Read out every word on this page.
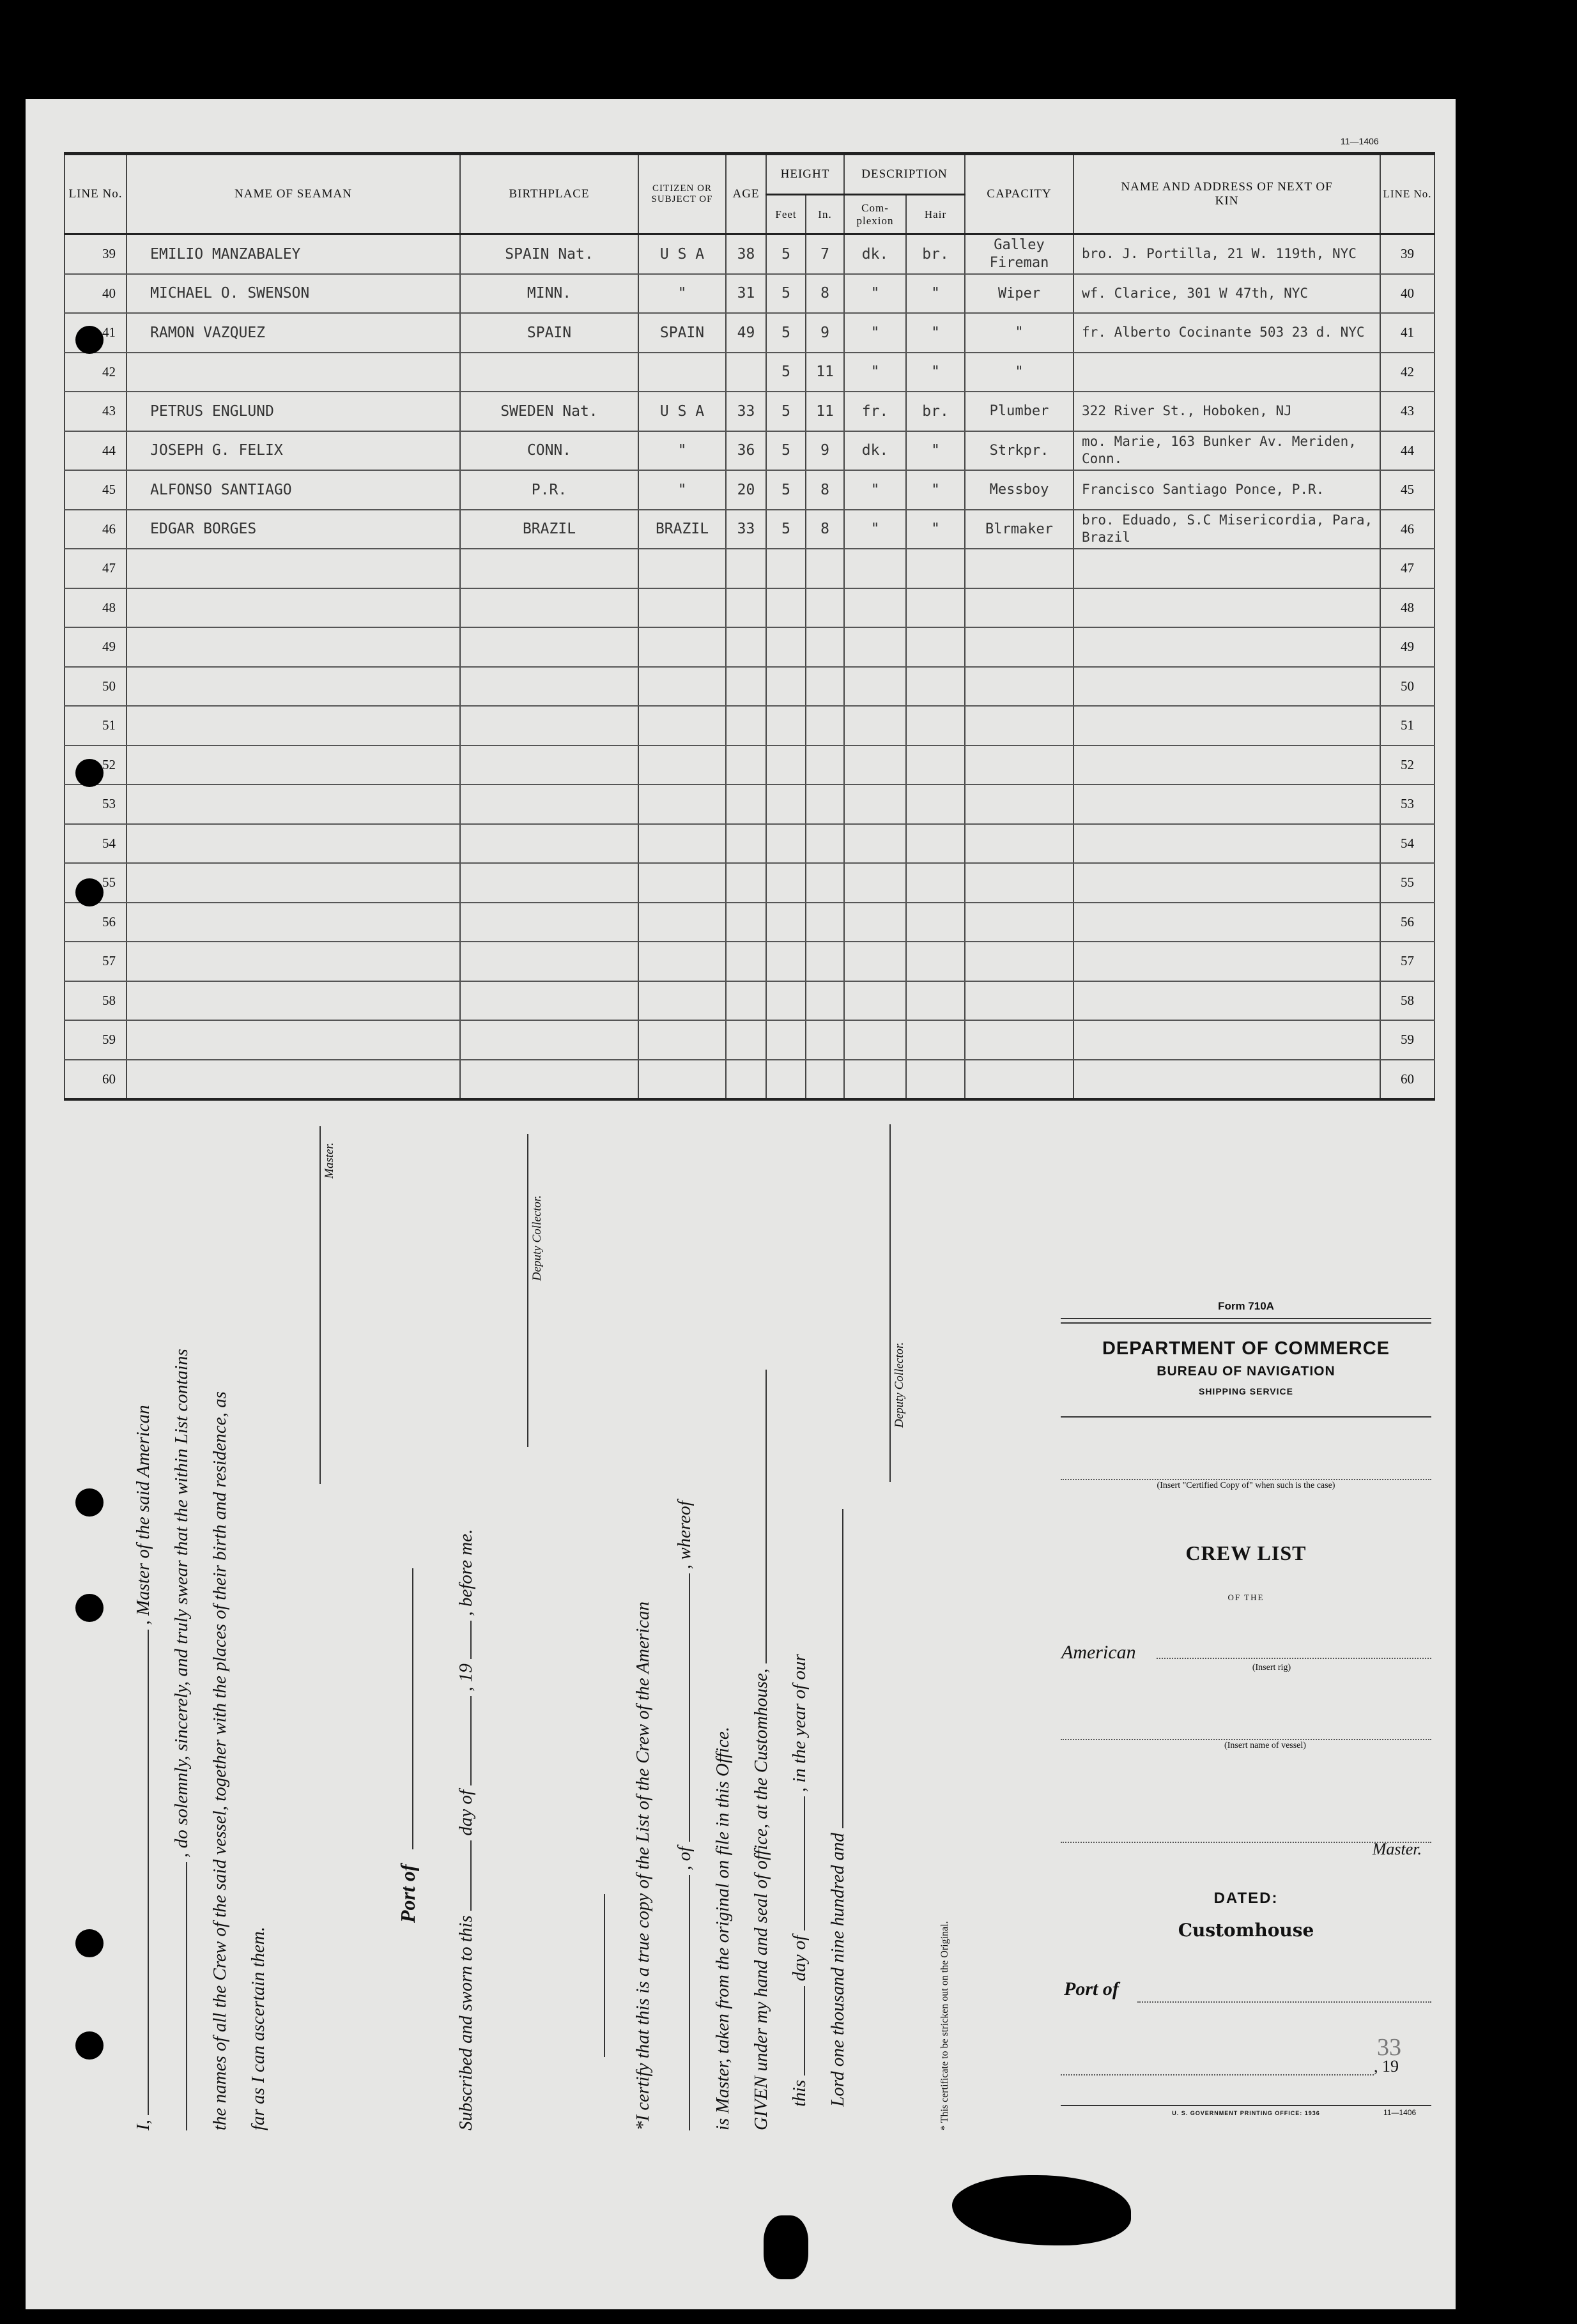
11—1406
LINE No.	NAME OF SEAMAN	BIRTHPLACE	CITIZEN OR SUBJECT OF	AGE	HEIGHT		DESCRIPTION		CAPACITY	NAME AND ADDRESS OF NEXT OF KIN	LINE No.
					Feet	In.	Com- plexion	Hair			
39	EMILIO MANZABALEY	SPAIN Nat.	U S A	38	5	7	dk.	br.	Galley Fireman	bro. J. Portilla, 21 W. 119th, NYC	39
40	MICHAEL O. SWENSON	MINN.	"	31	5	8	"	"	Wiper	wf. Clarice, 301 W 47th, NYC	40
41	RAMON VAZQUEZ	SPAIN	SPAIN	49	5	9	"	"	"	fr. Alberto Cocinante 503 23 d. NYC	41
42					5	11	"	"	"		42
43	PETRUS ENGLUND	SWEDEN Nat.	U S A	33	5	11	fr.	br.	Plumber	322 River St., Hoboken, NJ	43
44	JOSEPH G. FELIX	CONN.	"	36	5	9	dk.	"	Strkpr.	mo. Marie, 163 Bunker Av. Meriden, Conn.	44
45	ALFONSO SANTIAGO	P.R.	"	20	5	8	"	"	Messboy	Francisco Santiago Ponce, P.R.	45
46	EDGAR BORGES	BRAZIL	BRAZIL	33	5	8	"	"	Blrmaker	bro. Eduado, S.C Misericordia, Para, Brazil	46
47											47
48											48
49											49
50											50
51											51
52											52
53											53
54											54
55											55
56											56
57											57
58											58
59											59
60											60
I,  , Master of the said American , do solemnly, sincerely, and truly swear that the within List contains the names of all the Crew of the said vessel, together with the places of their birth and residence, as far as I can ascertain them.
Master.
Port of
Subscribed and sworn to this  day of  , 19  , before me.
Deputy Collector.
*I certify that this is a true copy of the List of the Crew of the American , of  , whereof
is Master, taken from the original on file in this Office. GIVEN under my hand and seal of office, at the Customhouse, this  day of  , in the year of our
Lord one thousand nine hundred and
Deputy Collector.
* This certificate to be stricken out on the Original.
Form 710A
DEPARTMENT OF COMMERCE
BUREAU OF NAVIGATION
SHIPPING SERVICE
(Insert "Certified Copy of" when such is the case)
CREW LIST
OF THE
American
(Insert rig)
(Insert name of vessel)
Master.
DATED:
Customhouse
Port of
33
, 19
U. S. GOVERNMENT PRINTING OFFICE: 1936	11—1406
